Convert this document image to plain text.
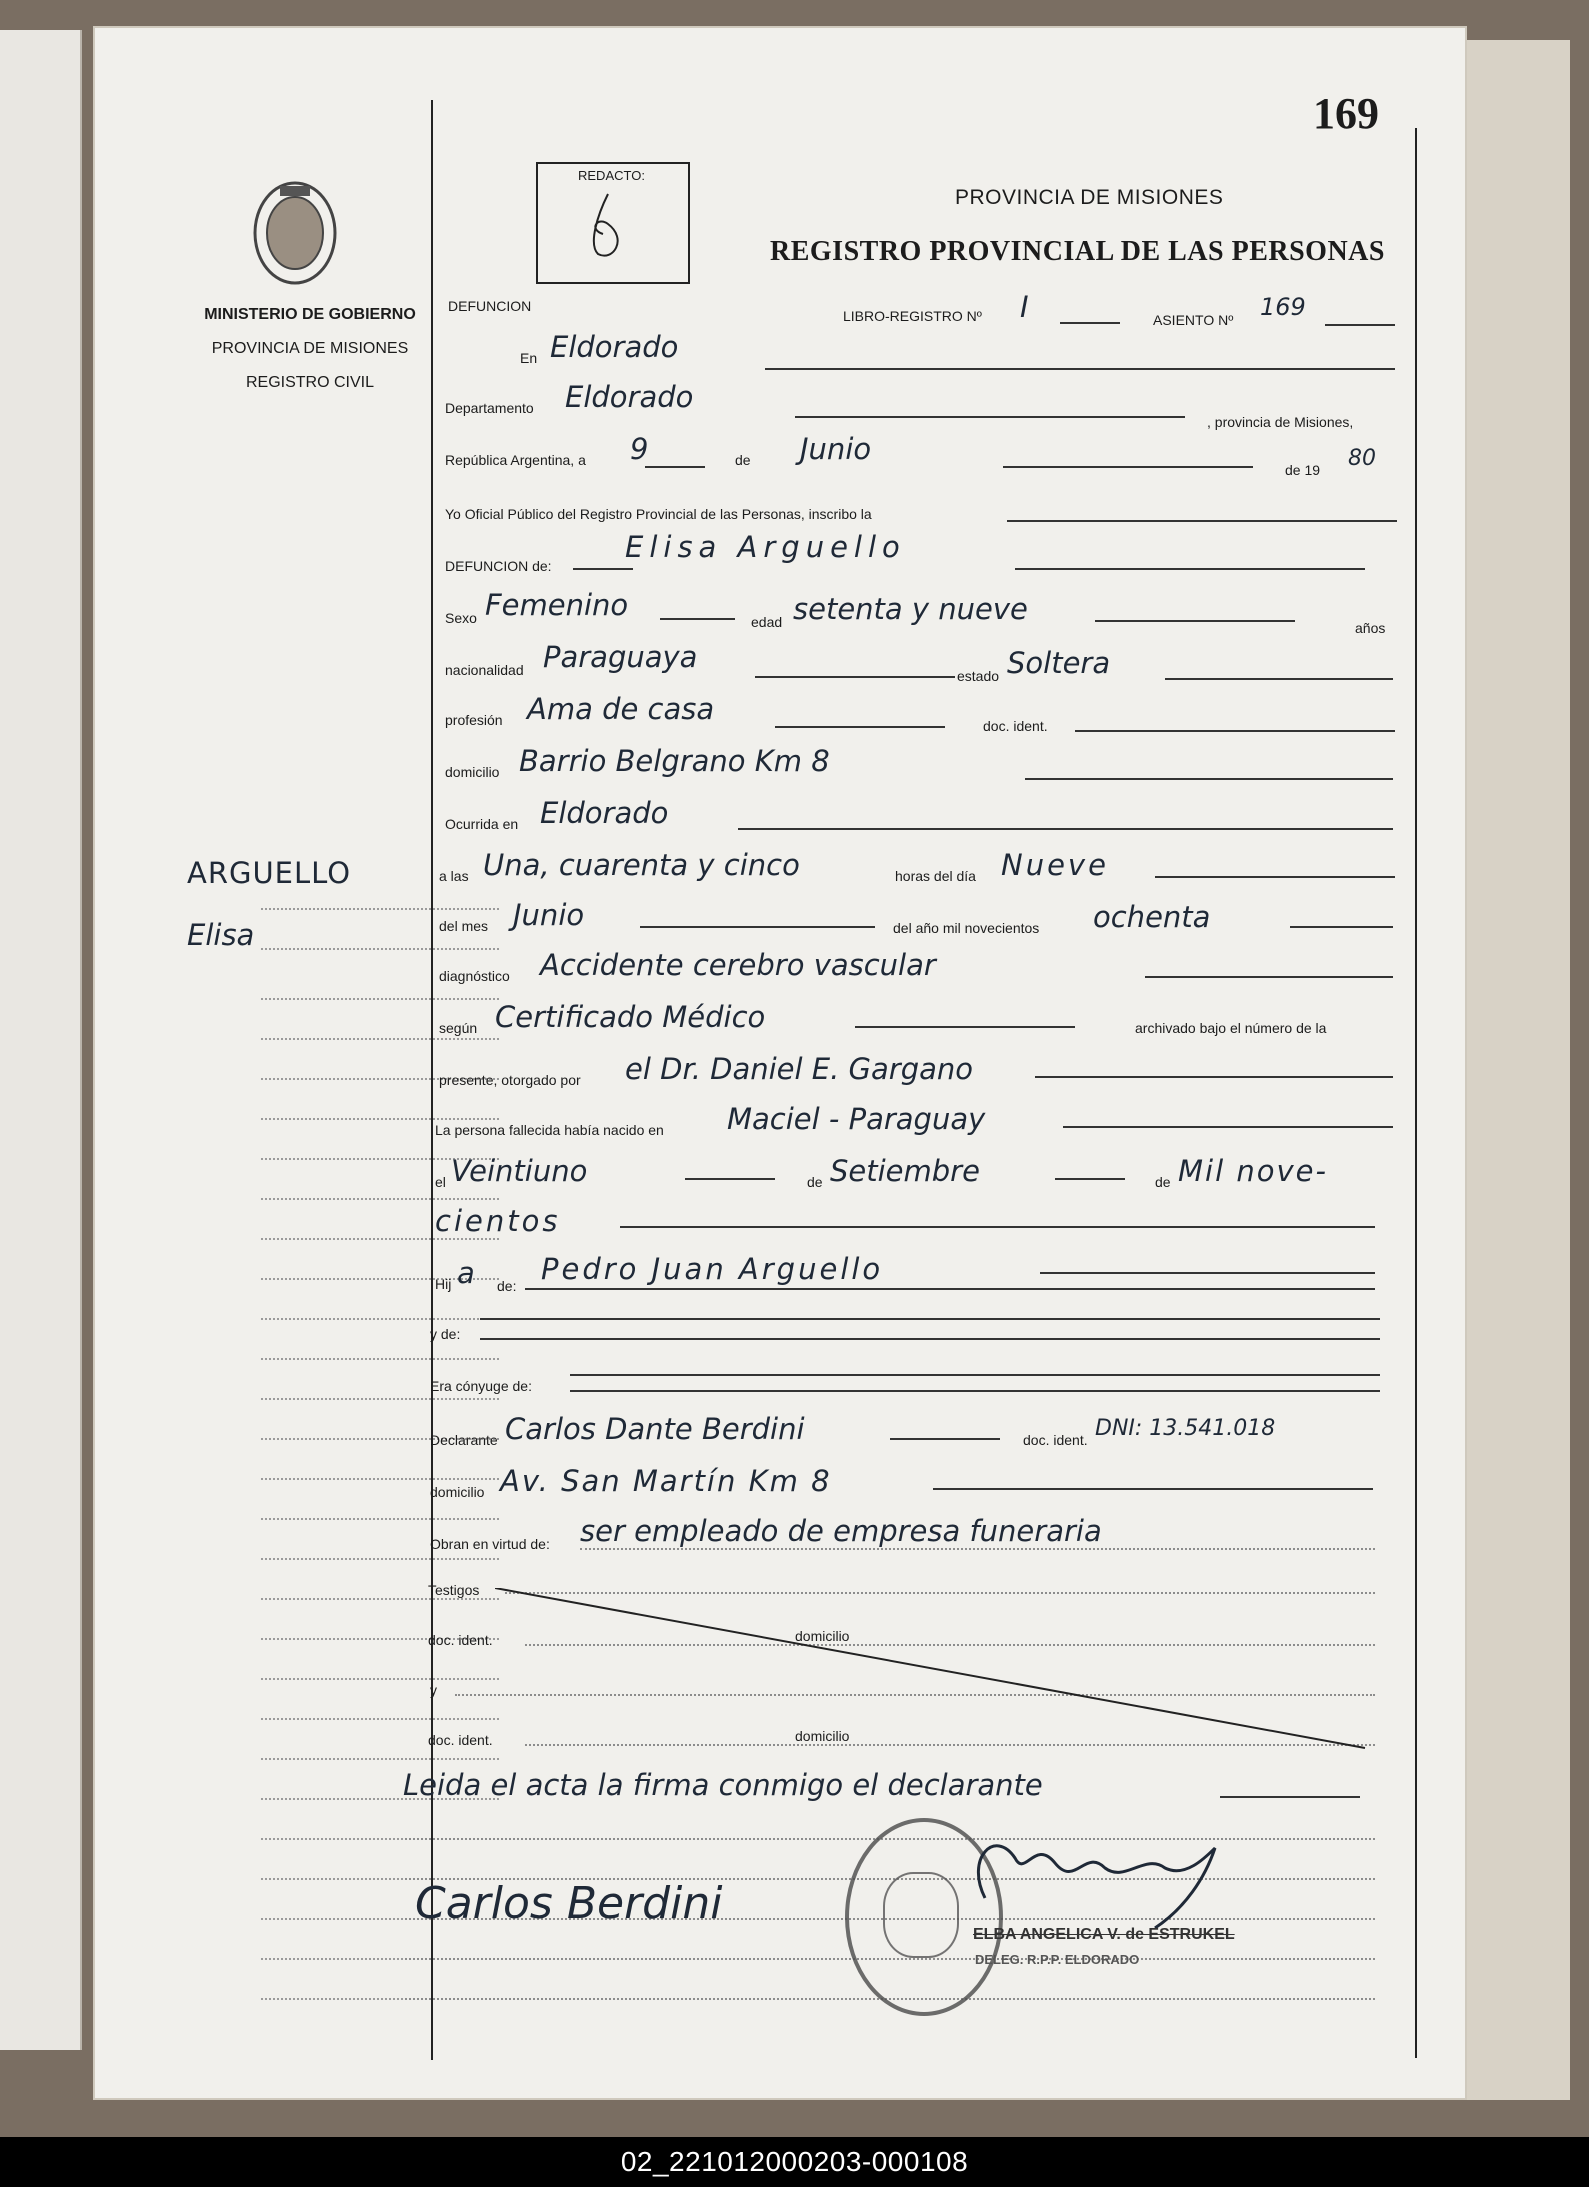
169
REDACTO:
PROVINCIA DE MISIONES
REGISTRO PROVINCIAL DE LAS PERSONAS
MINISTERIO DE GOBIERNO
PROVINCIA DE MISIONES
REGISTRO CIVIL
ARGUELLO
Elisa
DEFUNCION
LIBRO-REGISTRO Nº I	ASIENTO Nº 169
En Eldorado
Departamento Eldorado
, provincia de Misiones,
República Argentina, a 9	de Junio
de 19 80
Yo Oficial Público del Registro Provincial de las Personas, inscribo la
DEFUNCION de:
Elisa Arguello
Sexo Femenino	edad setenta y nueve
años
nacionalidad Paraguaya
estado Soltera
profesión Ama de casa	doc. ident.
domicilio Barrio Belgrano Km 8
Ocurrida en Eldorado
a las Una, cuarenta y cinco	horas del día Nueve
del mes Junio	del año mil novecientos ochenta
diagnóstico Accidente cerebro vascular
según Certificado Médico	archivado bajo el número de la
presente, otorgado por el Dr. Daniel E. Gargano
La persona fallecida había nacido en Maciel - Paraguay
el Veintiuno	de Setiembre	de Mil nove-
cientos
Hij a de: Pedro Juan Arguello
y de:
Era cónyuge de:
Declarante Carlos Dante Berdini	doc. ident. DNI: 13.541.018
domicilio Av. San Martín Km 8
Obran en virtud de: ser empleado de empresa funeraria
Testigos
doc. ident.	domicilio
y
doc. ident.	domicilio
Leida el acta la firma conmigo el declarante
Carlos Berdini
ELBA ANGELICA V. de ESTRUKEL
DELEG. R.P.P. ELDORADO
02_221012000203-000108
